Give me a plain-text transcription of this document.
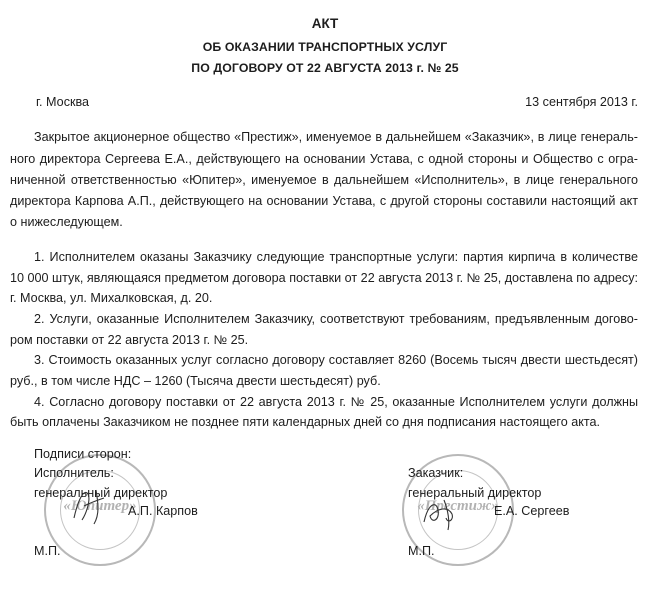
АКТ
ОБ ОКАЗАНИИ ТРАНСПОРТНЫХ УСЛУГ
ПО ДОГОВОРУ ОТ 22 АВГУСТА 2013 г. № 25
г. Москва	13 сентября 2013 г.
Закрытое акционерное общество «Престиж», именуемое в дальнейшем «Заказчик», в лице генераль-
ного директора Сергеева Е.А., действующего на основании Устава, с одной стороны и Общество с огра-
ниченной ответственностью «Юпитер», именуемое в дальнейшем «Исполнитель», в лице генерального
директора Карпова А.П., действующего на основании Устава, с другой стороны составили настоящий акт
о нижеследующем.
1. Исполнителем оказаны Заказчику следующие транспортные услуги: партия кирпича в количестве
10 000 штук, являющаяся предметом договора поставки от 22 августа 2013 г. № 25, доставлена по адресу:
г. Москва, ул. Михалковская, д. 20.
2. Услуги, оказанные Исполнителем Заказчику, соответствуют требованиям, предъявленным догово-
ром поставки от 22 августа 2013 г. № 25.
3. Стоимость оказанных услуг согласно договору составляет 8260 (Восемь тысяч двести шестьдесят)
руб., в том числе НДС – 1260 (Тысяча двести шестьдесят) руб.
4. Согласно договору поставки от 22 августа 2013 г. № 25, оказанные Исполнителем услуги должны
быть оплачены Заказчиком не позднее пяти календарных дней со дня подписания настоящего акта.
«Юпитер»	«Престиж»
Подписи сторон:
Исполнитель:
генеральный директор
А.П. Карпов
М.П.
Заказчик:
генеральный директор
Е.А. Сергеев
М.П.
